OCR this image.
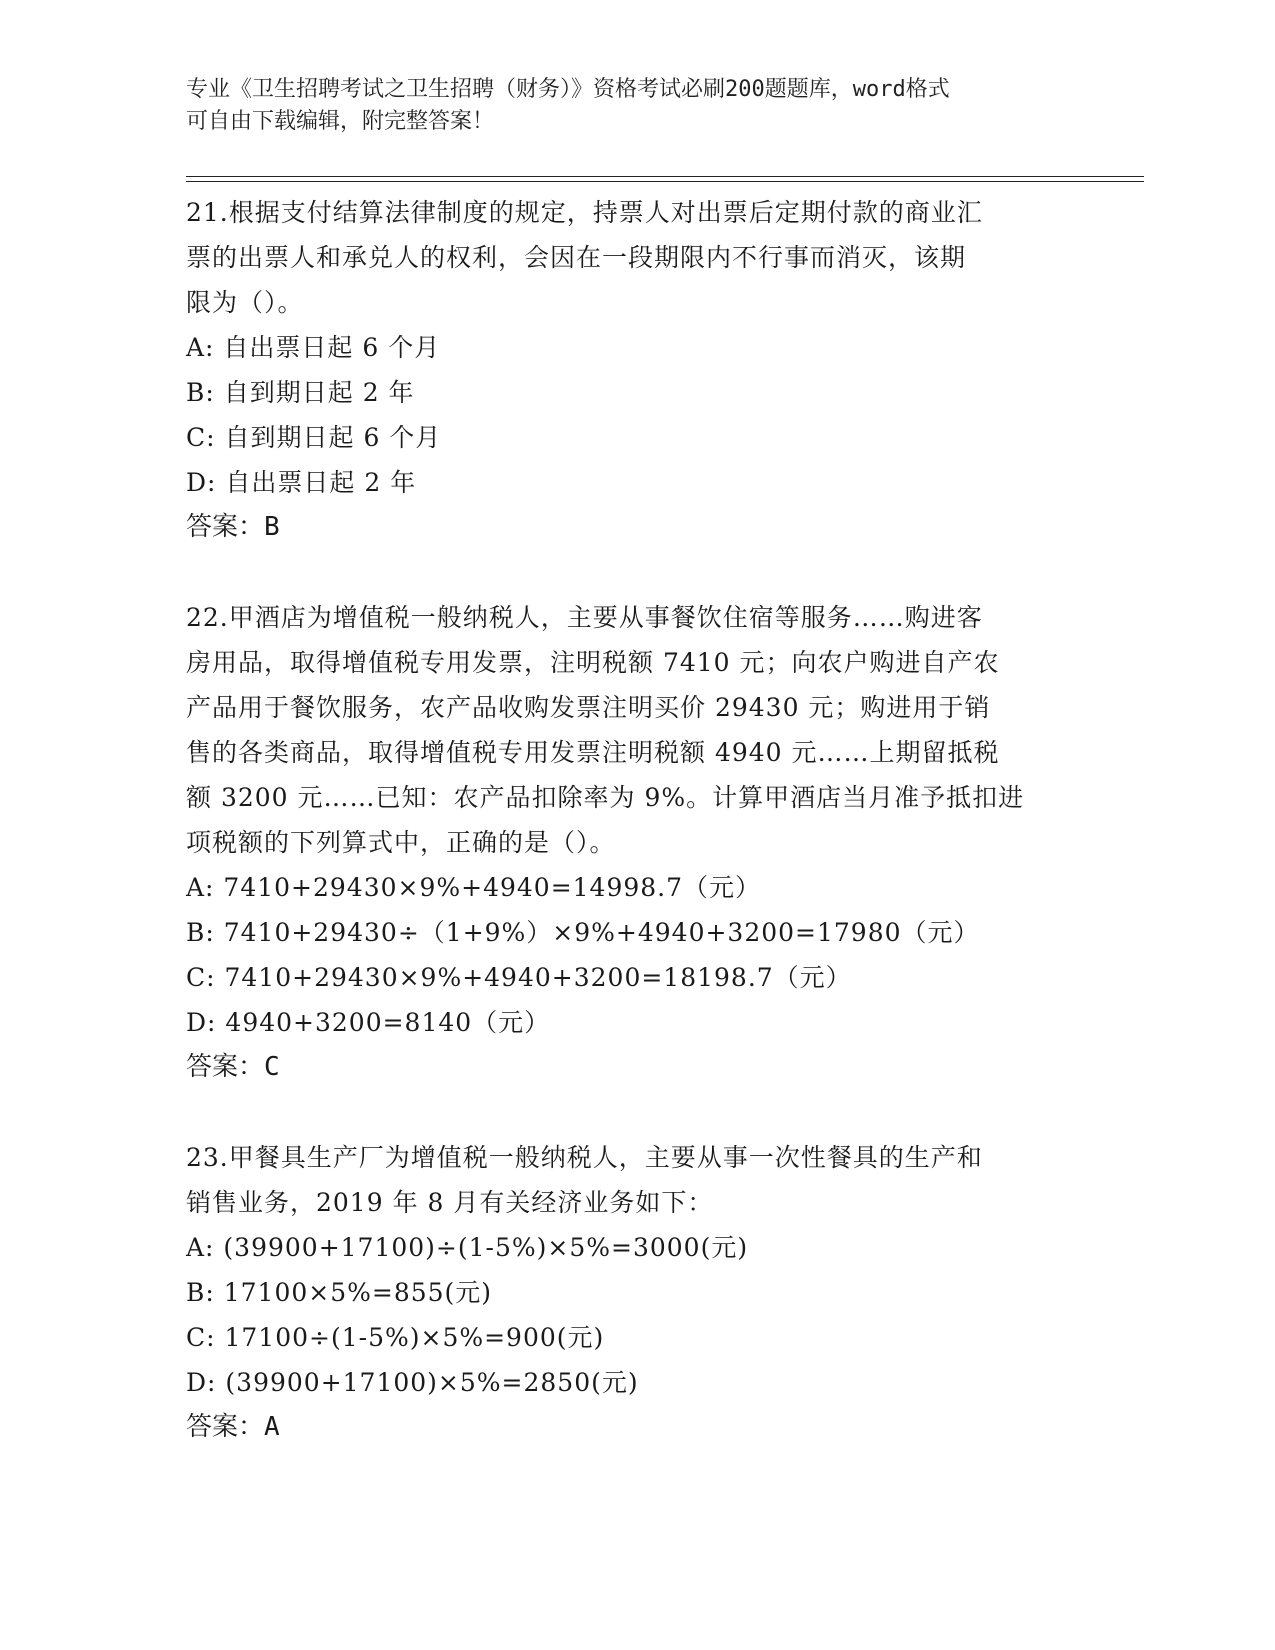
专业《卫生招聘考试之卫生招聘（财务）》资格考试必刷200题题库，word格式
可自由下载编辑，附完整答案！
21.根据支付结算法律制度的规定，持票人对出票后定期付款的商业汇
票的出票人和承兑人的权利，会因在一段期限内不行事而消灭，该期
限为（）。
A: 自出票日起 6 个月
B: 自到期日起 2 年
C: 自到期日起 6 个月
D: 自出票日起 2 年
答案：B
22.甲酒店为增值税一般纳税人，主要从事餐饮住宿等服务……购进客
房用品，取得增值税专用发票，注明税额 7410 元；向农户购进自产农
产品用于餐饮服务，农产品收购发票注明买价 29430 元；购进用于销
售的各类商品，取得增值税专用发票注明税额 4940 元……上期留抵税
额 3200 元……已知：农产品扣除率为 9%。计算甲酒店当月准予抵扣进
项税额的下列算式中，正确的是（）。
A: 7410+29430×9%+4940=14998.7（元）
B: 7410+29430÷（1+9%）×9%+4940+3200=17980（元）
C: 7410+29430×9%+4940+3200=18198.7（元）
D: 4940+3200=8140（元）
答案：C
23.甲餐具生产厂为增值税一般纳税人，主要从事一次性餐具的生产和
销售业务，2019 年 8 月有关经济业务如下：
A: (39900+17100)÷(1-5%)×5%=3000(元)
B: 17100×5%=855(元)
C: 17100÷(1-5%)×5%=900(元)
D: (39900+17100)×5%=2850(元)
答案：A
